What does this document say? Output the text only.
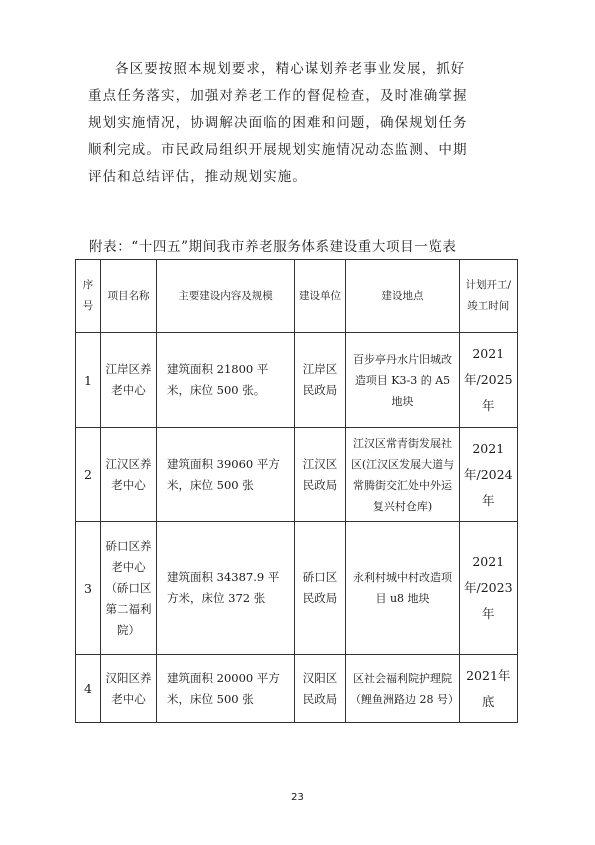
各区要按照本规划要求，精心谋划养老事业发展，抓好
重点任务落实，加强对养老工作的督促检查，及时准确掌握
规划实施情况，协调解决面临的困难和问题，确保规划任务
顺利完成。市民政局组织开展规划实施情况动态监测、中期
评估和总结评估，推动规划实施。
附表：“十四五”期间我市养老服务体系建设重大项目一览表
序号	项目名称	主要建设内容及规模	建设单位	建设地点	计划开工/竣工时间
1	江岸区养老中心	建筑面积 21800 平米，床位 500 张。	江岸区民政局	百步亭丹水片旧城改造项目 K3-3 的 A5 地块	2021年/2025年
2	江汉区养老中心	建筑面积 39060 平方米，床位 500 张	江汉区民政局	江汉区常青街发展社区(江汉区发展大道与常腾街交汇处中外运复兴村仓库)	2021年/2024年
3	硚口区养老中心（硚口区第二福利院）	建筑面积 34387.9 平方米，床位 372 张	硚口区民政局	永利村城中村改造项目 u8 地块	2021年/2023年
4	汉阳区养老中心	建筑面积 20000 平方米，床位 500 张	汉阳区民政局	区社会福利院护理院（鲤鱼洲路边 28 号）	2021年底
23
